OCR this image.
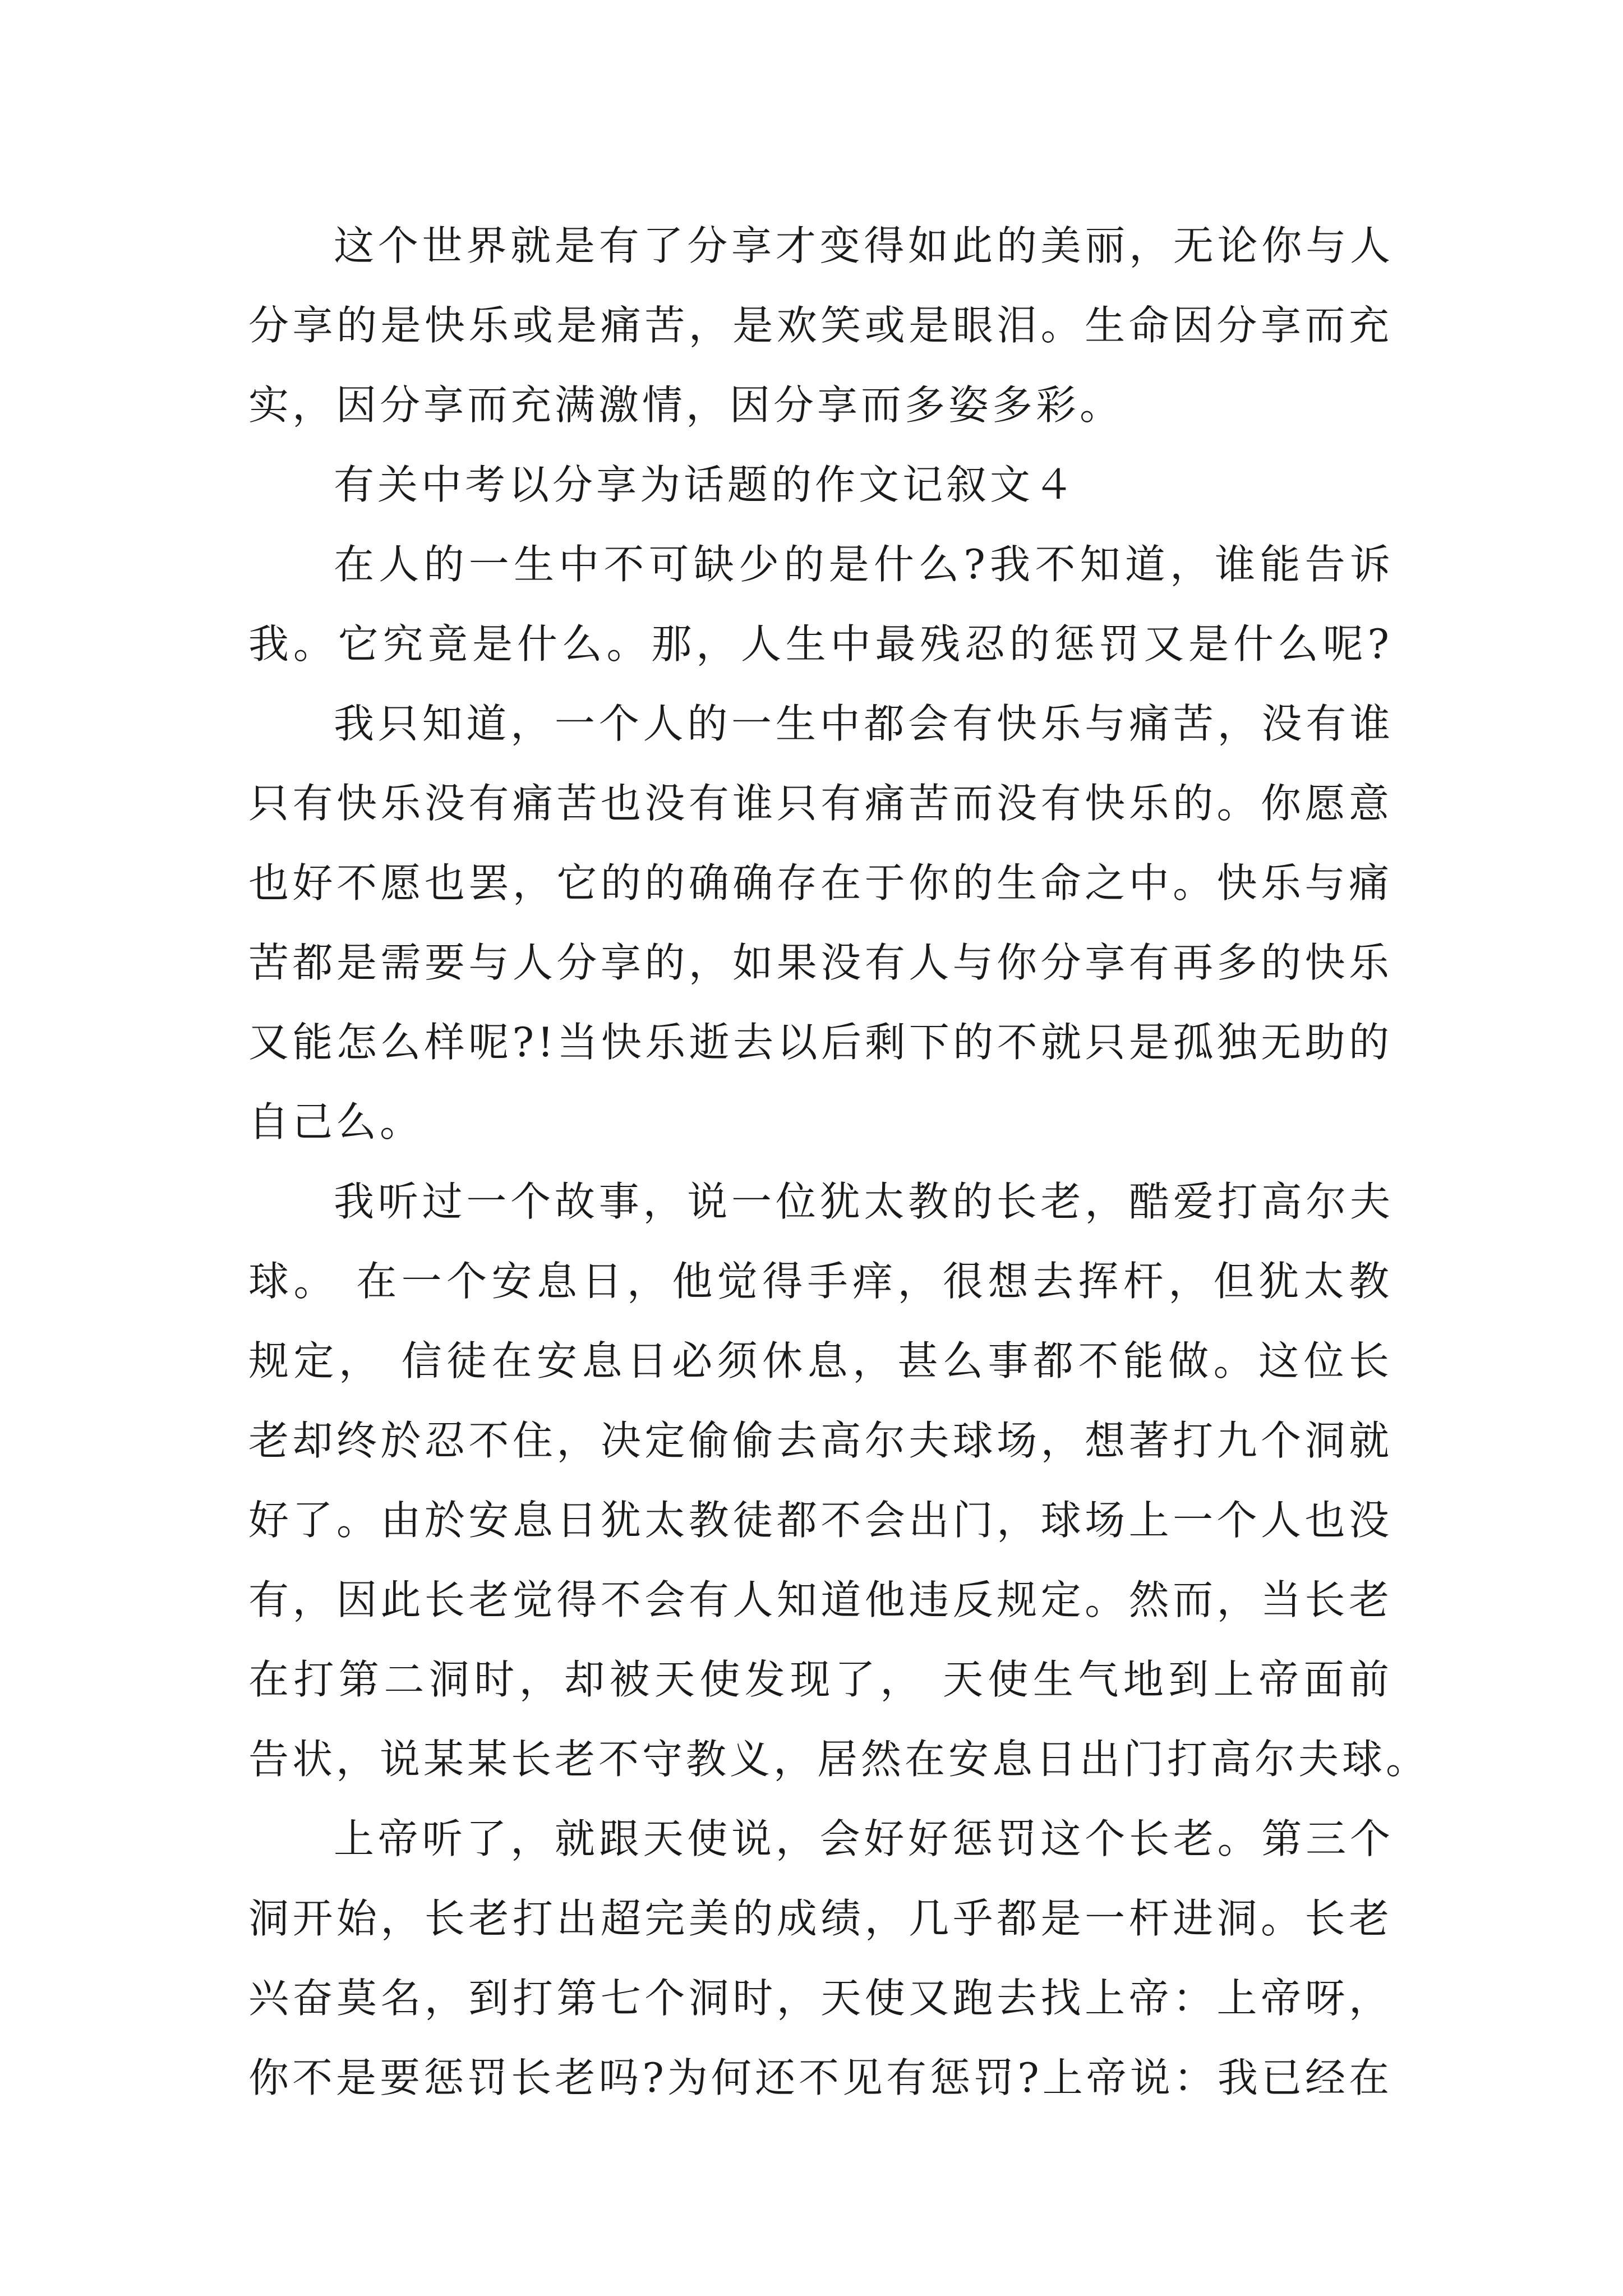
这个世界就是有了分享才变得如此的美丽，无论你与人
分享的是快乐或是痛苦，是欢笑或是眼泪。生命因分享而充
实，因分享而充满激情，因分享而多姿多彩。
有关中考以分享为话题的作文记叙文４
在人的一生中不可缺少的是什么?我不知道，谁能告诉
我。它究竟是什么。那，人生中最残忍的惩罚又是什么呢?
我只知道，一个人的一生中都会有快乐与痛苦，没有谁
只有快乐没有痛苦也没有谁只有痛苦而没有快乐的。你愿意
也好不愿也罢，它的的确确存在于你的生命之中。快乐与痛
苦都是需要与人分享的，如果没有人与你分享有再多的快乐
又能怎么样呢?!当快乐逝去以后剩下的不就只是孤独无助的
自己么。
我听过一个故事，说一位犹太教的长老，酷爱打高尔夫
球。 在一个安息日，他觉得手痒，很想去挥杆，但犹太教
规定， 信徒在安息日必须休息，甚么事都不能做。这位长
老却终於忍不住，决定偷偷去高尔夫球场，想著打九个洞就
好了。由於安息日犹太教徒都不会出门，球场上一个人也没
有，因此长老觉得不会有人知道他违反规定。然而，当长老
在打第二洞时，却被天使发现了， 天使生气地到上帝面前
告状，说某某长老不守教义，居然在安息日出门打高尔夫球。
上帝听了，就跟天使说，会好好惩罚这个长老。第三个
洞开始，长老打出超完美的成绩，几乎都是一杆进洞。长老
兴奋莫名，到打第七个洞时，天使又跑去找上帝：上帝呀，
你不是要惩罚长老吗?为何还不见有惩罚?上帝说：我已经在
